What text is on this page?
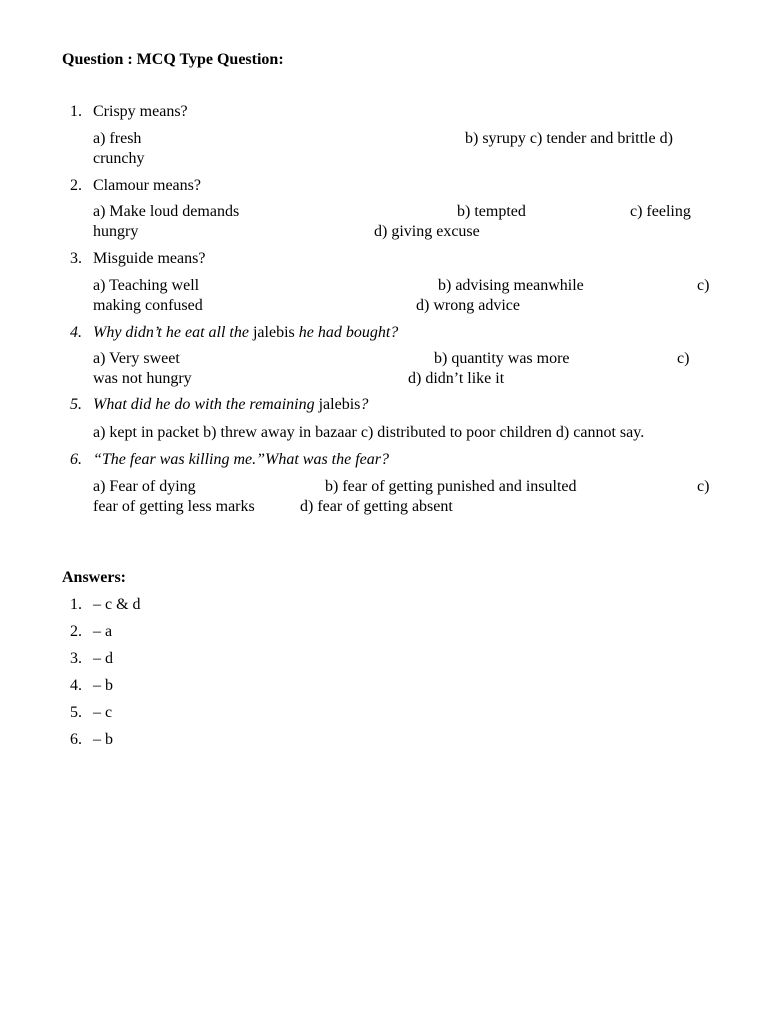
Question : MCQ Type Question:
1. Crispy means?
a) fresh	b) syrupy c) tender and brittle d)
crunchy
2. Clamour means?
a) Make loud demands	b) tempted	c) feeling
hungry	d) giving excuse
3. Misguide means?
a) Teaching well	b) advising meanwhile	c)
making confused	d) wrong advice
4. Why didn’t he eat all the jalebis he had bought?
a) Very sweet	b) quantity was more	c)
was not hungry	d) didn’t like it
5. What did he do with the remaining jalebis?
a) kept in packet b) threw away in bazaar c) distributed to poor children d) cannot say.
6. “The fear was killing me.”What was the fear?
a) Fear of dying	b) fear of getting punished and insulted	c)
fear of getting less marks	d) fear of getting absent
Answers:
1. – c & d
2. – a
3. – d
4. – b
5. – c
6. – b
